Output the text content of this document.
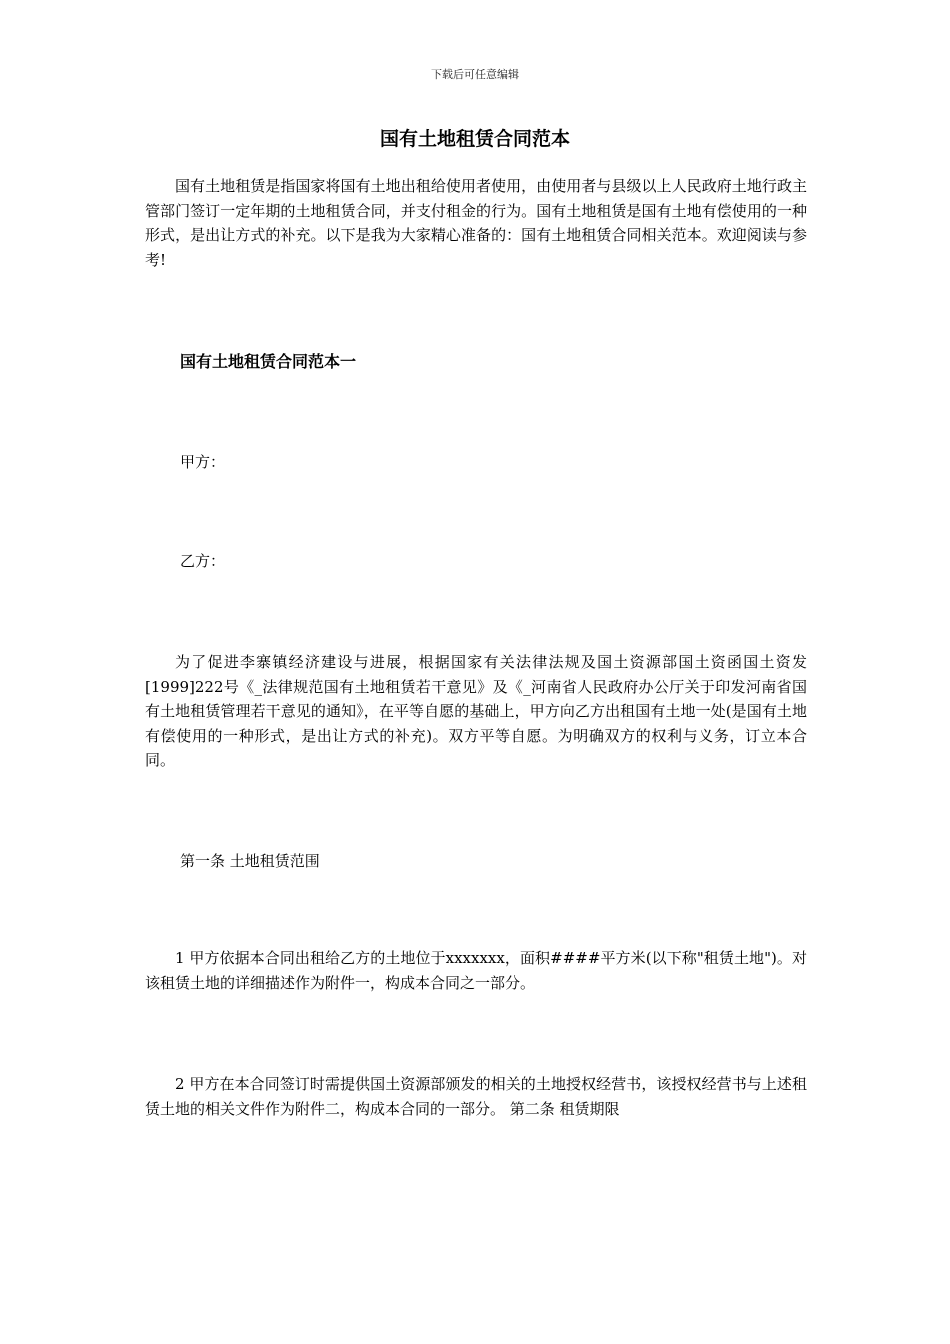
下载后可任意编辑
国有土地租赁合同范本

国有土地租赁是指国家将国有土地出租给使用者使用，由使用者与县级以上人民政府土地行政主管部门签订一定年期的土地租赁合同，并支付租金的行为。国有土地租赁是国有土地有偿使用的一种形式，是出让方式的补充。以下是我为大家精心准备的：国有土地租赁合同相关范本。欢迎阅读与参考!

国有土地租赁合同范本一

甲方：

乙方：

为了促进李寨镇经济建设与进展，根据国家有关法律法规及国土资源部国土资函国土资发[1999]222号《_法律规范国有土地租赁若干意见》及《_河南省人民政府办公厅关于印发河南省国有土地租赁管理若干意见的通知》，在平等自愿的基础上，甲方向乙方出租国有土地一处(是国有土地有偿使用的一种形式，是出让方式的补充)。双方平等自愿。为明确双方的权利与义务，订立本合同。

第一条 土地租赁范围

1 甲方依据本合同出租给乙方的土地位于xxxxxxx，面积####平方米(以下称"租赁土地")。对该租赁土地的详细描述作为附件一，构成本合同之一部分。

2 甲方在本合同签订时需提供国土资源部颁发的相关的土地授权经营书，该授权经营书与上述租赁土地的相关文件作为附件二，构成本合同的一部分。 第二条 租赁期限
